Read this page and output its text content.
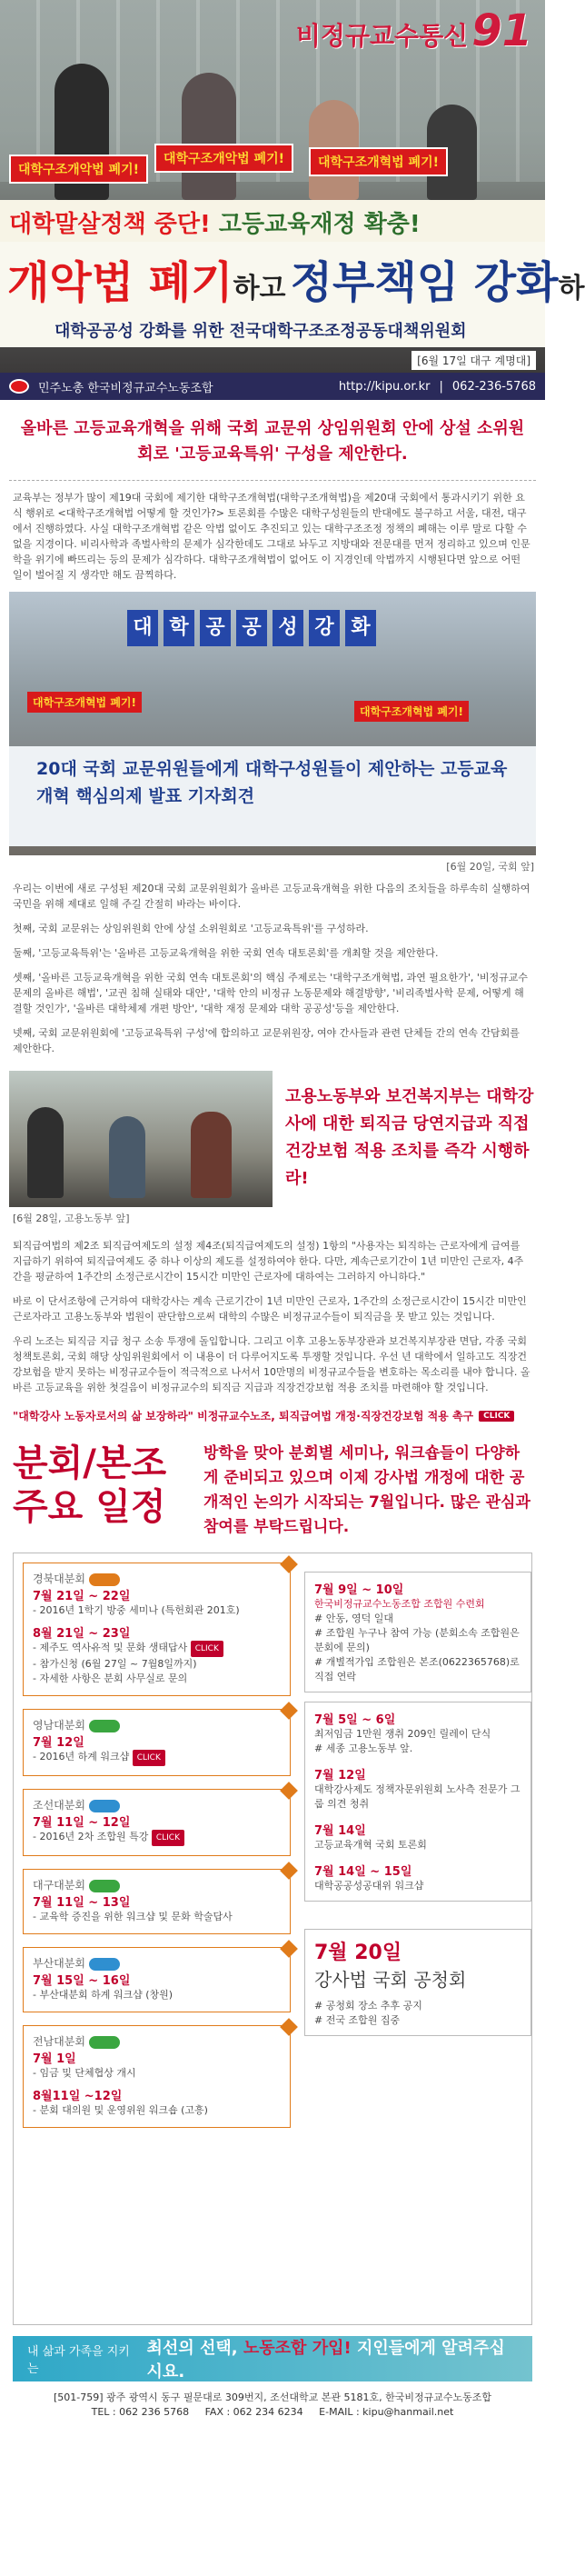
대학구조개악법 폐기!
대학구조개악법 폐기!	대학구조개혁법 폐기!
비정규교수통신 91
대학말살정책 중단! 고등교육재정 확충!
개악법 폐기하고 정부책임 강화하
대학공공성 강화를 위한 전국대학구조조정공동대책위원회
[6월 17일 대구 계명대]
민주노총 한국비정규교수노동조합	http://kipu.or.kr | 062-236-5768
올바른 고등교육개혁을 위해 국회 교문위 상임위원회 안에 상설 소위원회로 '고등교육특위' 구성을 제안한다.
교육부는 정부가 많이 제19대 국회에 제기한 대학구조개혁법(대학구조개혁법)을 제20대 국회에서 통과시키기 위한 요식 행위로 <대학구조개혁법 어떻게 할 것인가?> 토론회를 수많은 대학구성원들의 반대에도 불구하고 서울, 대전, 대구에서 진행하였다. 사실 대학구조개혁법 같은 악법 없이도 추진되고 있는 대학구조조정 정책의 폐해는 이루 말로 다할 수 없을 지경이다. 비리사학과 족벌사학의 문제가 심각한데도 그대로 놔두고 지방대와 전문대를 먼저 정리하고 있으며 인문학을 위기에 빠뜨리는 등의 문제가 심각하다. 대학구조개혁법이 없어도 이 지경인데 악법까지 시행된다면 앞으로 어떤 일이 벌어질 지 생각만 해도 끔찍하다.
대 학 공 공 성 강 화
대학구조개혁법 폐기!
대학구조개혁법 폐기!
20대 국회 교문위원들에게 대학구성원들이 제안하는 고등교육 개혁 핵심의제 발표 기자회견
[6월 20일, 국회 앞]
우리는 이번에 새로 구성된 제20대 국회 교문위원회가 올바른 고등교육개혁을 위한 다음의 조치들을 하루속히 실행하여 국민을 위해 제대로 일해 주길 간절히 바라는 바이다.
첫째, 국회 교문위는 상임위원회 안에 상설 소위원회로 '고등교육특위'를 구성하라.
둘째, '고등교육특위'는 '올바른 고등교육개혁을 위한 국회 연속 대토론회'를 개최할 것을 제안한다.
셋째, '올바른 고등교육개혁을 위한 국회 연속 대토론회'의 핵심 주제로는 '대학구조개혁법, 과연 필요한가', '비정규교수 문제의 올바른 해법', '교권 침해 실태와 대안', '대학 안의 비정규 노동문제와 해결방향', '비리족벌사학 문제, 어떻게 해결할 것인가', '올바른 대학체제 개편 방안', '대학 재정 문제와 대학 공공성'등을 제안한다.
넷째, 국회 교문위원회에 '고등교육특위 구성'에 합의하고 교문위원장, 여야 간사들과 관련 단체들 간의 연속 간담회를 제안한다.
[6월 28일, 고용노동부 앞]
고용노동부와 보건복지부는 대학강사에 대한 퇴직금 당연지급과 직접건강보험 적용 조치를 즉각 시행하라!
퇴직급여법의 제2조 퇴직급여제도의 설정 제4조(퇴직급여제도의 설정) 1항의 "사용자는 퇴직하는 근로자에게 급여를 지급하기 위하여 퇴직급여제도 중 하나 이상의 제도를 설정하여야 한다. 다만, 계속근로기간이 1년 미만인 근로자, 4주간을 평균하여 1주간의 소정근로시간이 15시간 미만인 근로자에 대하여는 그러하지 아니하다."
바로 이 단서조항에 근거하여 대학강사는 계속 근로기간이 1년 미만인 근로자, 1주간의 소정근로시간이 15시간 미만인 근로자라고 고용노동부와 법원이 판단함으로써 대학의 수많은 비정규교수들이 퇴직금을 못 받고 있는 것입니다.
우리 노조는 퇴직금 지급 청구 소송 투쟁에 돌입합니다. 그리고 이후 고용노동부장관과 보건복지부장관 면담, 각종 국회청책토론회, 국회 해당 상임위원회에서 이 내용이 더 다루어지도록 투쟁할 것입니다. 우선 년 대학에서 일하고도 직장건강보험을 받지 못하는 비정규교수들이 적극적으로 나서서 10만명의 비정규교수들을 변호하는 목소리를 내야 합니다. 올바른 고등교육을 위한 첫걸음이 비정규교수의 퇴직금 지급과 직장건강보험 적용 조치를 마련해야 할 것입니다.
"대학강사 노동자로서의 삶 보장하라" 비정규교수노조, 퇴직급여법 개정·직장건강보험 적용 촉구	CLICK
분회/본조 주요 일정
방학을 맞아 분회별 세미나, 워크숍들이 다양하게 준비되고 있으며 이제 강사법 개정에 대한 공개적인 논의가 시작되는 7월입니다. 많은 관심과 참여를 부탁드립니다.
경북대분회
7월 21일 ~ 22일
- 2016년 1학기 방중 세미나 (특헌회관 201호)
8월 21일 ~ 23일
- 제주도 역사유적 및 문화 생태답사 CLICK
- 참가신청 (6월 27일 ~ 7월8일까지)
- 자세한 사항은 분회 사무실로 문의
영남대분회
7월 12일
- 2016년 하계 워크샵 CLICK
조선대분회
7월 11일 ~ 12일
- 2016년 2차 조합원 특강 CLICK
대구대분회
7월 11일 ~ 13일
- 교육학 증진을 위한 워크샵 및 문화 학술답사
부산대분회
7월 15일 ~ 16일
- 부산대분회 하계 워크샵 (창원)
전남대분회
7월 1일
- 임금 및 단체협상 개시
8월11일 ~12일
- 분회 대의원 및 운영위원 워크숍 (고흥)
7월 9일 ~ 10일
한국비정규교수노동조합 조합원 수련회
# 안동, 영덕 일대
# 조합원 누구나 참여 가능 (분회소속 조합원은 분회에 문의)
# 개별적가입 조합원은 본조(0622365768)로 직접 연락
7월 5일 ~ 6일
최저임금 1만원 쟁취 209인 릴레이 단식
# 세종 고용노동부 앞.
7월 12일
대학강사제도 정책자문위원회 노사측 전문가 그룹 의견 청취
7월 14일
고등교육개혁 국회 토론회
7월 14일 ~ 15일
대학공공성공대위 워크샵
7월 20일
강사법 국회 공청회
# 공청회 장소 추후 공지
# 전국 조합원 집중
내 삶과 가족을 지키는
최선의 선택, 노동조합 가입! 지인들에게 알려주십시요.
[501-759] 광주 광역시 동구 필문대로 309번지, 조선대학교 본관 5181호, 한국비정규교수노동조합
TEL : 062 236 5768 FAX : 062 234 6234 E-MAIL : kipu@hanmail.net
